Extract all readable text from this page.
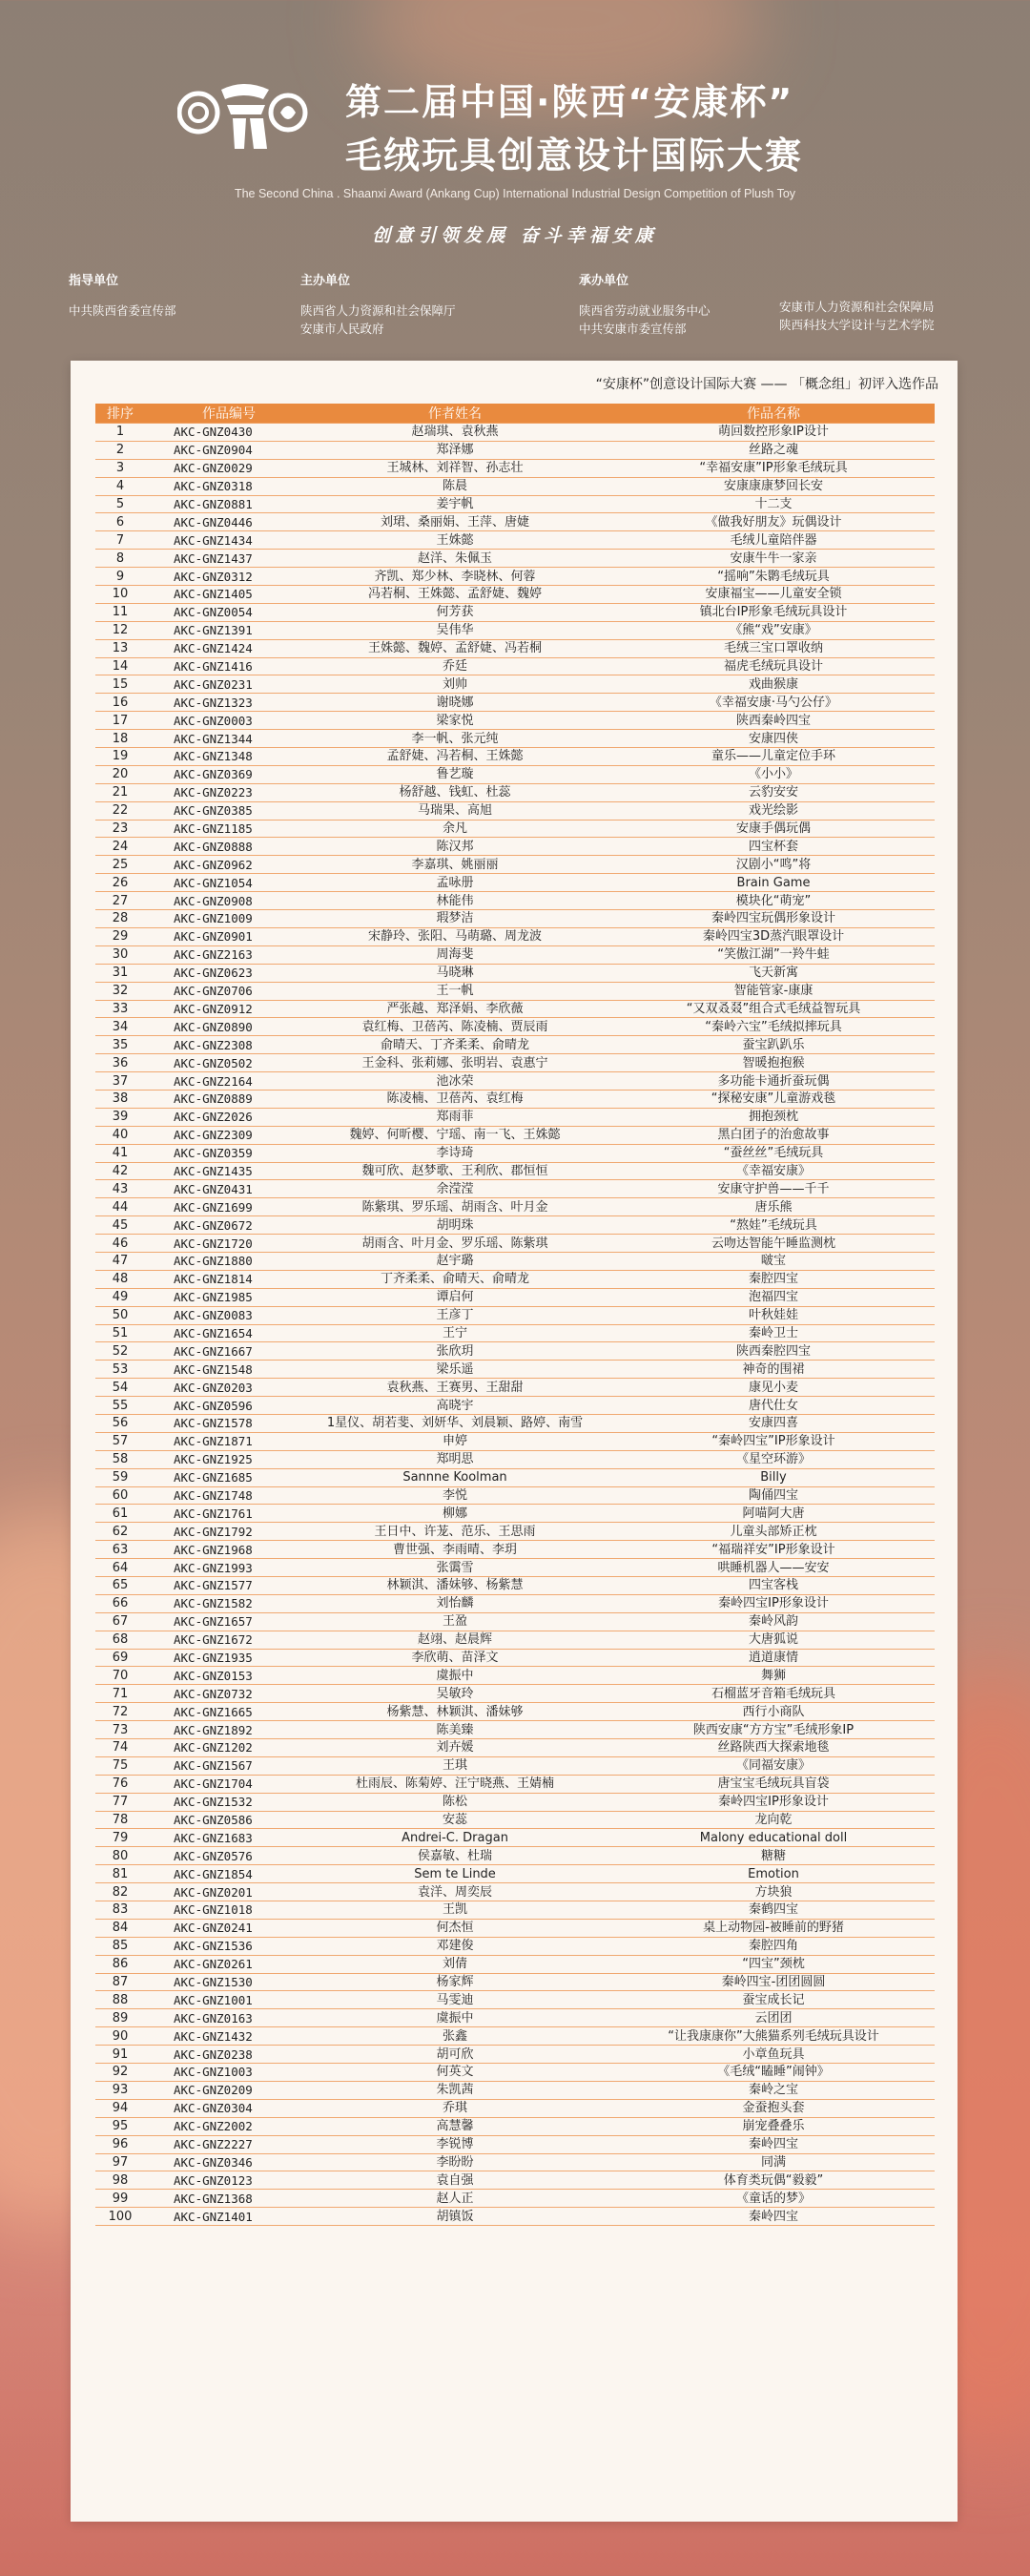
第二届中国·陕西“安康杯”
毛绒玩具创意设计国际大赛
The Second China . Shaanxi Award (Ankang Cup) International Industrial Design Competition of Plush Toy
创意引领发展 奋斗幸福安康
指导单位
中共陕西省委宣传部
主办单位
陕西省人力资源和社会保障厅
安康市人民政府
承办单位
陕西省劳动就业服务中心
中共安康市委宣传部
安康市人力资源和社会保障局
陕西科技大学设计与艺术学院
“安康杯”创意设计国际大赛 —— 「概念组」初评入选作品
排序	作品编号	作者姓名	作品名称
1	AKC-GNZ0430	赵瑞琪、袁秋燕	萌回数控形象IP设计
2	AKC-GNZ0904	郑泽娜	丝路之魂
3	AKC-GNZ0029	王城林、刘祥智、孙志壮	“幸福安康”IP形象毛绒玩具
4	AKC-GNZ0318	陈晨	安康康康梦回长安
5	AKC-GNZ0881	姜宇帆	十二支
6	AKC-GNZ0446	刘珺、桑丽娟、王萍、唐婕	《做我好朋友》玩偶设计
7	AKC-GNZ1434	王姝懿	毛绒儿童陪伴器
8	AKC-GNZ1437	赵洋、朱佩玉	安康牛牛一家亲
9	AKC-GNZ0312	齐凯、郑少林、李晓林、何蓉	“摇响”朱鹮毛绒玩具
10	AKC-GNZ1405	冯若桐、王姝懿、孟舒婕、魏婷	安康福宝——儿童安全锁
11	AKC-GNZ0054	何芳获	镇北台IP形象毛绒玩具设计
12	AKC-GNZ1391	吴伟华	《熊“戏”安康》
13	AKC-GNZ1424	王姝懿、魏婷、孟舒婕、冯若桐	毛绒三宝口罩收纳
14	AKC-GNZ1416	乔廷	福虎毛绒玩具设计
15	AKC-GNZ0231	刘帅	戏曲猴康
16	AKC-GNZ1323	谢晓娜	《幸福安康·马勺公仔》
17	AKC-GNZ0003	梁家悦	陕西秦岭四宝
18	AKC-GNZ1344	李一帆、张元纯	安康四侠
19	AKC-GNZ1348	孟舒婕、冯若桐、王姝懿	童乐——儿童定位手环
20	AKC-GNZ0369	鲁艺璇	《小小》
21	AKC-GNZ0223	杨舒越、钱虹、杜蕊	云豹安安
22	AKC-GNZ0385	马瑞果、高旭	戏光绘影
23	AKC-GNZ1185	余凡	安康手偶玩偶
24	AKC-GNZ0888	陈汉邦	四宝杯套
25	AKC-GNZ0962	李嘉琪、姚丽丽	汉剧小“鸣”将
26	AKC-GNZ1054	孟咏册	Brain Game
27	AKC-GNZ0908	林能伟	模块化“萌宠”
28	AKC-GNZ1009	瑕梦洁	秦岭四宝玩偶形象设计
29	AKC-GNZ0901	宋静玲、张阳、马萌璐、周龙波	秦岭四宝3D蒸汽眼罩设计
30	AKC-GNZ2163	周海斐	“笑傲江湖”一羚牛蛙
31	AKC-GNZ0623	马晓琳	飞天新寓
32	AKC-GNZ0706	王一帆	智能管家-康康
33	AKC-GNZ0912	严张越、郑泽娟、李欣薇	“又双叒叕”组合式毛绒益智玩具
34	AKC-GNZ0890	袁红梅、卫蓓芮、陈凌楠、贾辰雨	“秦岭六宝”毛绒拟摔玩具
35	AKC-GNZ2308	俞晴天、丁齐柔柔、俞晴龙	蚕宝趴趴乐
36	AKC-GNZ0502	王金科、张莉娜、张明岩、袁惠宁	智暖抱抱猴
37	AKC-GNZ2164	池冰荣	多功能卡通折蚕玩偶
38	AKC-GNZ0889	陈凌楠、卫蓓芮、袁红梅	“探秘安康”儿童游戏毯
39	AKC-GNZ2026	郑雨菲	拥抱颈枕
40	AKC-GNZ2309	魏婷、何昕樱、宁瑶、南一飞、王姝懿	黑白团子的治愈故事
41	AKC-GNZ0359	李诗琦	“蚕丝丝”毛绒玩具
42	AKC-GNZ1435	魏可欣、赵梦歌、王利欣、郡恒恒	《幸福安康》
43	AKC-GNZ0431	余滢滢	安康守护兽——千千
44	AKC-GNZ1699	陈紫琪、罗乐瑶、胡雨含、叶月金	唐乐熊
45	AKC-GNZ0672	胡明珠	“熬娃”毛绒玩具
46	AKC-GNZ1720	胡雨含、叶月金、罗乐瑶、陈紫琪	云吻达智能午睡监测枕
47	AKC-GNZ1880	赵宇璐	啵宝
48	AKC-GNZ1814	丁齐柔柔、俞晴天、俞晴龙	秦腔四宝
49	AKC-GNZ1985	谭启何	泡福四宝
50	AKC-GNZ0083	王彦丁	叶秋娃娃
51	AKC-GNZ1654	王宁	秦岭卫士
52	AKC-GNZ1667	张欣玥	陕西秦腔四宝
53	AKC-GNZ1548	梁乐遥	神奇的围裙
54	AKC-GNZ0203	袁秋燕、王赛男、王甜甜	康见小麦
55	AKC-GNZ0596	高晓宇	唐代仕女
56	AKC-GNZ1578	1星仪、胡若斐、刘妍华、刘晨颖、路婷、南雪	安康四喜
57	AKC-GNZ1871	申婷	“秦岭四宝”IP形象设计
58	AKC-GNZ1925	郑明思	《星空环游》
59	AKC-GNZ1685	Sannne Koolman	Billy
60	AKC-GNZ1748	李悦	陶俑四宝
61	AKC-GNZ1761	柳娜	阿喵阿大唐
62	AKC-GNZ1792	王日中、许茏、范乐、王思雨	儿童头部矫正枕
63	AKC-GNZ1968	曹世强、李雨晴、李玥	“福瑞祥安”IP形象设计
64	AKC-GNZ1993	张霭雪	哄睡机器人——安安
65	AKC-GNZ1577	林颖淇、潘妹够、杨紫慧	四宝客栈
66	AKC-GNZ1582	刘怡麟	秦岭四宝IP形象设计
67	AKC-GNZ1657	王盈	秦岭风韵
68	AKC-GNZ1672	赵翊、赵晨辉	大唐狐说
69	AKC-GNZ1935	李欣萌、苗泽文	逍道康情
70	AKC-GNZ0153	虞振中	舞狮
71	AKC-GNZ0732	吴敏玲	石榴蓝牙音箱毛绒玩具
72	AKC-GNZ1665	杨紫慧、林颖淇、潘妹够	西行小商队
73	AKC-GNZ1892	陈美臻	陕西安康“方方宝”毛绒形象IP
74	AKC-GNZ1202	刘卉媛	丝路陕西大探索地毯
75	AKC-GNZ1567	王琪	《同福安康》
76	AKC-GNZ1704	杜雨辰、陈菊婷、汪宁晓燕、王婧楠	唐宝宝毛绒玩具盲袋
77	AKC-GNZ1532	陈松	秦岭四宝IP形象设计
78	AKC-GNZ0586	安蕊	龙向乾
79	AKC-GNZ1683	Andrei-C. Dragan	Malony educational doll
80	AKC-GNZ0576	侯嘉敏、杜瑞	糖糖
81	AKC-GNZ1854	Sem te Linde	Emotion
82	AKC-GNZ0201	袁洋、周奕辰	方块狼
83	AKC-GNZ1018	王凯	秦鹤四宝
84	AKC-GNZ0241	何杰恒	桌上动物园-被睡前的野猪
85	AKC-GNZ1536	邓建俊	秦腔四角
86	AKC-GNZ0261	刘倩	“四宝”颈枕
87	AKC-GNZ1530	杨家辉	秦岭四宝-团团圆圆
88	AKC-GNZ1001	马雯迪	蚕宝成长记
89	AKC-GNZ0163	虞振中	云团团
90	AKC-GNZ1432	张鑫	“让我康康你”大熊猫系列毛绒玩具设计
91	AKC-GNZ0238	胡可欣	小章鱼玩具
92	AKC-GNZ1003	何英文	《毛绒“瞌睡”闹钟》
93	AKC-GNZ0209	朱凯茜	秦岭之宝
94	AKC-GNZ0304	乔琪	金蚕抱头套
95	AKC-GNZ2002	高慧馨	崩宠叠叠乐
96	AKC-GNZ2227	李锐博	秦岭四宝
97	AKC-GNZ0346	李盼盼	同满
98	AKC-GNZ0123	袁自强	体育类玩偶“毅毅”
99	AKC-GNZ1368	赵人正	《童话的梦》
100	AKC-GNZ1401	胡镇饭	秦岭四宝
